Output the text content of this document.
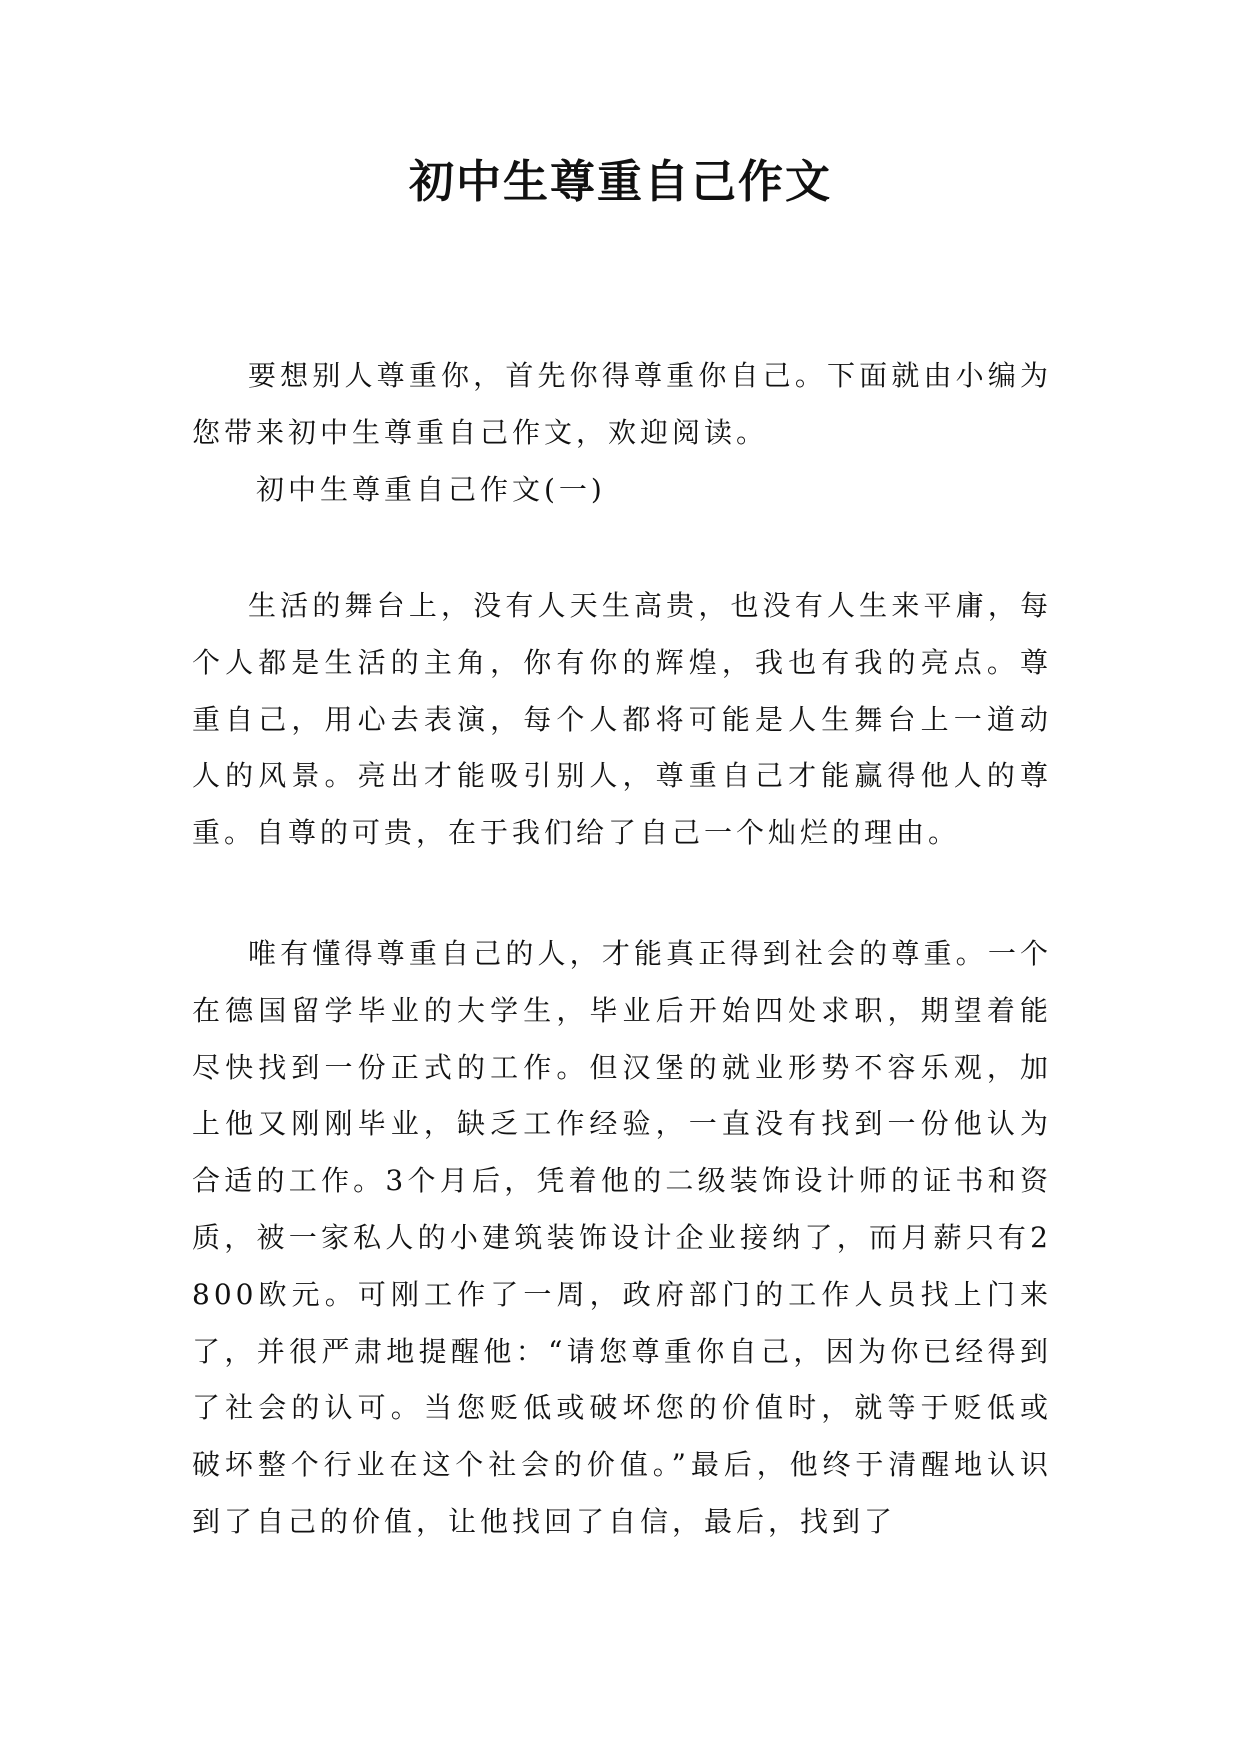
初中生尊重自己作文

要想别人尊重你，首先你得尊重你自己。下面就由小编为您带来初中生尊重自己作文，欢迎阅读。

初中生尊重自己作文(一)

生活的舞台上，没有人天生高贵，也没有人生来平庸，每个人都是生活的主角，你有你的辉煌，我也有我的亮点。尊重自己，用心去表演，每个人都将可能是人生舞台上一道动人的风景。亮出才能吸引别人，尊重自己才能赢得他人的尊重。自尊的可贵，在于我们给了自己一个灿烂的理由。

唯有懂得尊重自己的人，才能真正得到社会的尊重。一个在德国留学毕业的大学生，毕业后开始四处求职，期望着能尽快找到一份正式的工作。但汉堡的就业形势不容乐观，加上他又刚刚毕业，缺乏工作经验，一直没有找到一份他认为合适的工作。3个月后，凭着他的二级装饰设计师的证书和资质，被一家私人的小建筑装饰设计企业接纳了，而月薪只有2800欧元。可刚工作了一周，政府部门的工作人员找上门来了，并很严肃地提醒他：“请您尊重你自己，因为你已经得到了社会的认可。当您贬低或破坏您的价值时，就等于贬低或破坏整个行业在这个社会的价值。”最后，他终于清醒地认识到了自己的价值，让他找回了自信，最后，找到了
